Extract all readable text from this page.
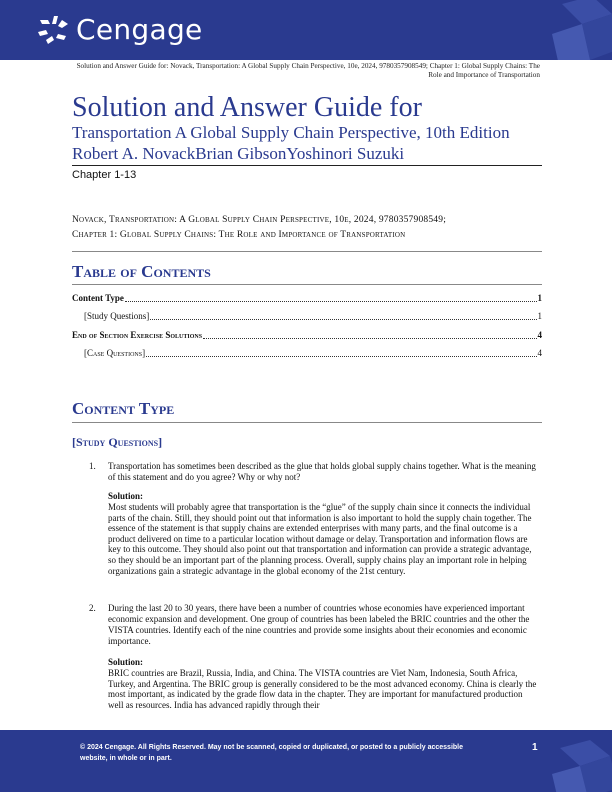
Cengage
Solution and Answer Guide for: Novack, Transportation: A Global Supply Chain Perspective, 10e, 2024, 9780357908549; Chapter 1: Global Supply Chains: The Role and Importance of Transportation
Solution and Answer Guide for
Transportation A Global Supply Chain Perspective, 10th Edition
Robert A. NovackBrian GibsonYoshinori Suzuki
Chapter 1-13
Novack, Transportation: A Global Supply Chain Perspective, 10e, 2024, 9780357908549;
Chapter 1: Global Supply Chains: The Role and Importance of Transportation
Table of Contents
Content Type	1
[Study Questions]	1
End of Section Exercise Solutions	4
[Case Questions]	4
Content Type
[Study Questions]
1. Transportation has sometimes been described as the glue that holds global supply chains together. What is the meaning of this statement and do you agree? Why or why not?
Solution:
Most students will probably agree that transportation is the “glue” of the supply chain since it connects the individual parts of the chain. Still, they should point out that information is also important to hold the supply chain together. The essence of the statement is that supply chains are extended enterprises with many parts, and the final outcome is a product delivered on time to a particular location without damage or delay. Transportation and information flows are key to this outcome. They should also point out that transportation and information can provide a strategic advantage, so they should be an important part of the planning process. Overall, supply chains play an important role in helping organizations gain a strategic advantage in the global economy of the 21st century.
2. During the last 20 to 30 years, there have been a number of countries whose economies have experienced important economic expansion and development. One group of countries has been labeled the BRIC countries and the other the VISTA countries. Identify each of the nine countries and provide some insights about their economies and economic importance.
Solution:
BRIC countries are Brazil, Russia, India, and China. The VISTA countries are Viet Nam, Indonesia, South Africa, Turkey, and Argentina. The BRIC group is generally considered to be the most advanced economy. China is clearly the most important, as indicated by the grade flow data in the chapter. They are important for manufactured production well as resources. India has advanced rapidly through their
© 2024 Cengage. All Rights Reserved. May not be scanned, copied or duplicated, or posted to a publicly accessible website, in whole or in part.
1
